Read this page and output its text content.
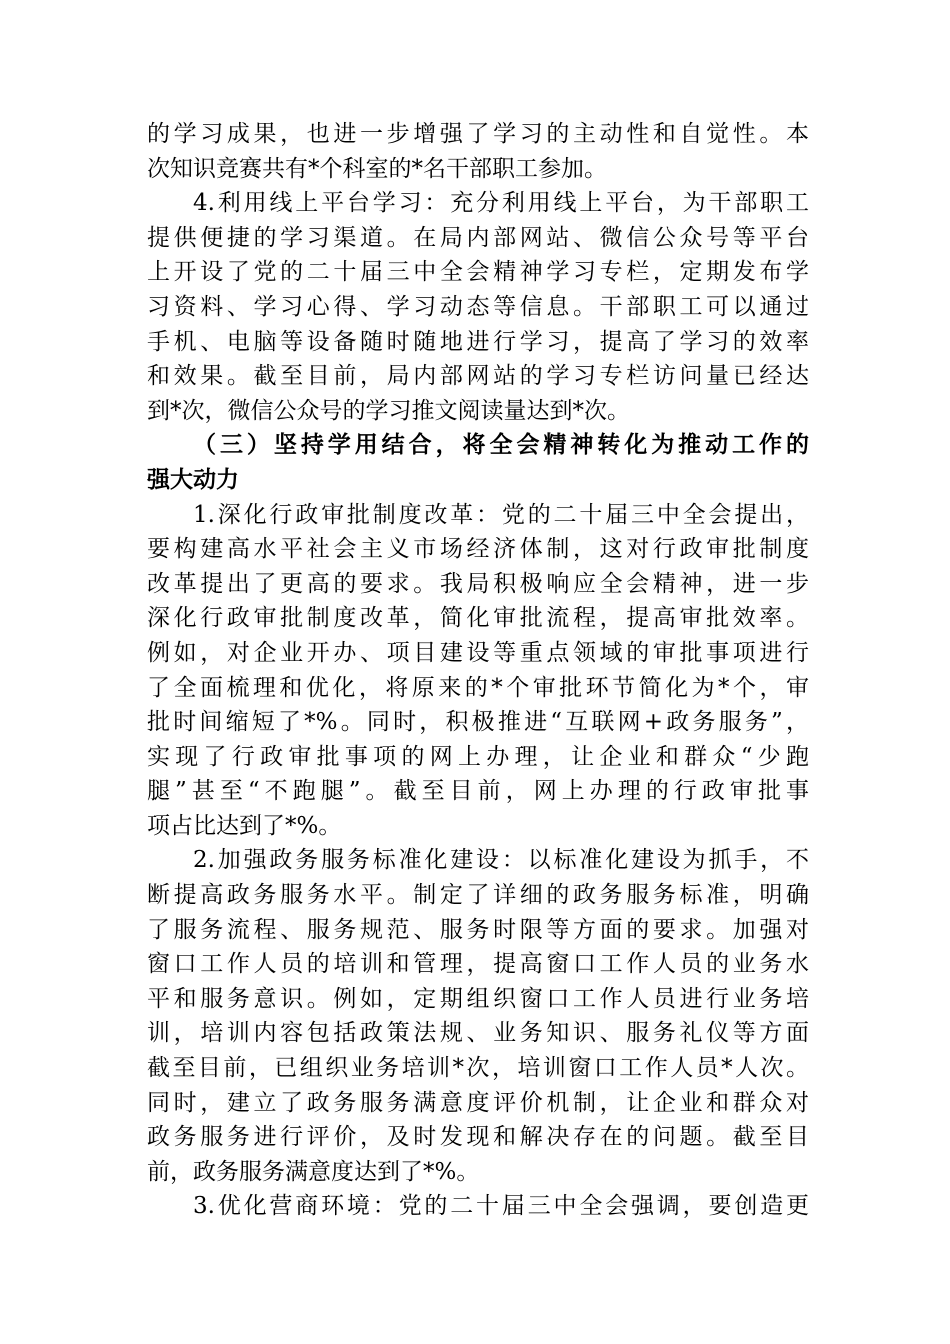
的学习成果，也进一步增强了学习的主动性和自觉性。本
次知识竞赛共有*个科室的*名干部职工参加。
4.利用线上平台学习：充分利用线上平台，为干部职工
提供便捷的学习渠道。在局内部网站、微信公众号等平台
上开设了党的二十届三中全会精神学习专栏，定期发布学
习资料、学习心得、学习动态等信息。干部职工可以通过
手机、电脑等设备随时随地进行学习，提高了学习的效率
和效果。截至目前，局内部网站的学习专栏访问量已经达
到*次，微信公众号的学习推文阅读量达到*次。
（三）坚持学用结合，将全会精神转化为推动工作的
强大动力
1.深化行政审批制度改革：党的二十届三中全会提出，
要构建高水平社会主义市场经济体制，这对行政审批制度
改革提出了更高的要求。我局积极响应全会精神，进一步
深化行政审批制度改革，简化审批流程，提高审批效率。
例如，对企业开办、项目建设等重点领域的审批事项进行
了全面梳理和优化，将原来的*个审批环节简化为*个，审
批时间缩短了*%。同时，积极推进“互联网+政务服务”，
实现了行政审批事项的网上办理，让企业和群众“少跑
腿”甚至“不跑腿”。截至目前，网上办理的行政审批事
项占比达到了*%。
2.加强政务服务标准化建设：以标准化建设为抓手，不
断提高政务服务水平。制定了详细的政务服务标准，明确
了服务流程、服务规范、服务时限等方面的要求。加强对
窗口工作人员的培训和管理，提高窗口工作人员的业务水
平和服务意识。例如，定期组织窗口工作人员进行业务培
训，培训内容包括政策法规、业务知识、服务礼仪等方面
截至目前，已组织业务培训*次，培训窗口工作人员*人次。
同时，建立了政务服务满意度评价机制，让企业和群众对
政务服务进行评价，及时发现和解决存在的问题。截至目
前，政务服务满意度达到了*%。
3.优化营商环境：党的二十届三中全会强调，要创造更
